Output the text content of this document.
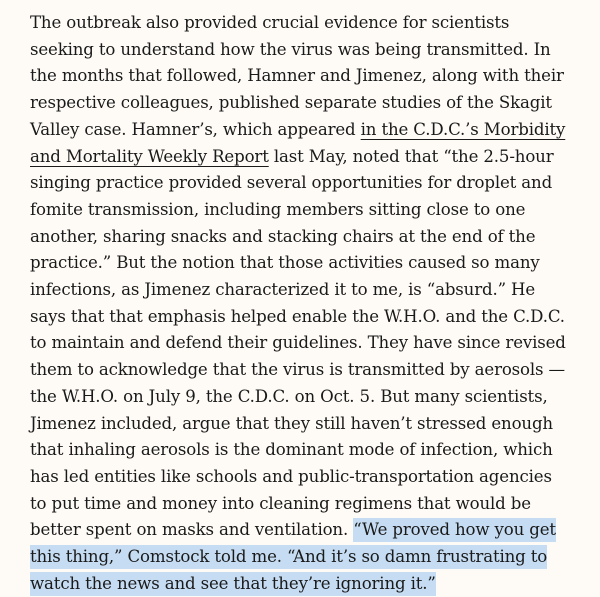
The outbreak also provided crucial evidence for scientists
seeking to understand how the virus was being transmitted. In
the months that followed, Hamner and Jimenez, along with their
respective colleagues, published separate studies of the Skagit
Valley case. Hamner’s, which appeared in the C.D.C.’s Morbidity
and Mortality Weekly Report last May, noted that “the 2.5-hour
singing practice provided several opportunities for droplet and
fomite transmission, including members sitting close to one
another, sharing snacks and stacking chairs at the end of the
practice.” But the notion that those activities caused so many
infections, as Jimenez characterized it to me, is “absurd.” He
says that that emphasis helped enable the W.H.O. and the C.D.C.
to maintain and defend their guidelines. They have since revised
them to acknowledge that the virus is transmitted by aerosols —
the W.H.O. on July 9, the C.D.C. on Oct. 5. But many scientists,
Jimenez included, argue that they still haven’t stressed enough
that inhaling aerosols is the dominant mode of infection, which
has led entities like schools and public-transportation agencies
to put time and money into cleaning regimens that would be
better spent on masks and ventilation. “We proved how you get
this thing,” Comstock told me. “And it’s so damn frustrating to
watch the news and see that they’re ignoring it.”
